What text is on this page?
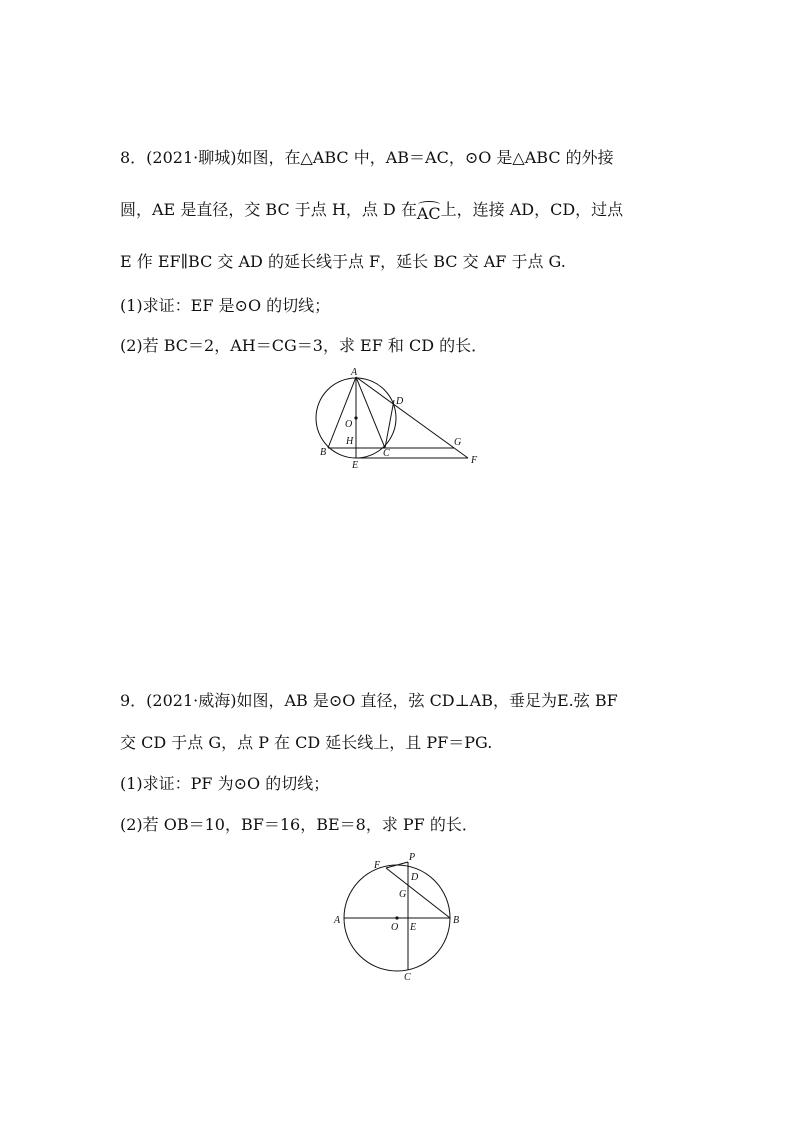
8．(2021·聊城)如图，在△ABC 中，AB＝AC，⊙O 是△ABC 的外接
圆，AE 是直径，交 BC 于点 H，点 D 在AC上，连接 AD，CD，过点
E 作 EF∥BC 交 AD 的延长线于点 F，延长 BC 交 AF 于点 G.
(1)求证：EF 是⊙O 的切线；
(2)若 BC＝2，AH＝CG＝3，求 EF 和 CD 的长．
A
D
O
H	G
B	C
E	F
9．(2021·威海)如图，AB 是⊙O 直径，弦 CD⊥AB，垂足为E.弦 BF
交 CD 于点 G，点 P 在 CD 延长线上，且 PF＝PG.
(1)求证：PF 为⊙O 的切线；
(2)若 OB＝10，BF＝16，BE＝8，求 PF 的长．
P
F
D
G
A	B
O E
C
